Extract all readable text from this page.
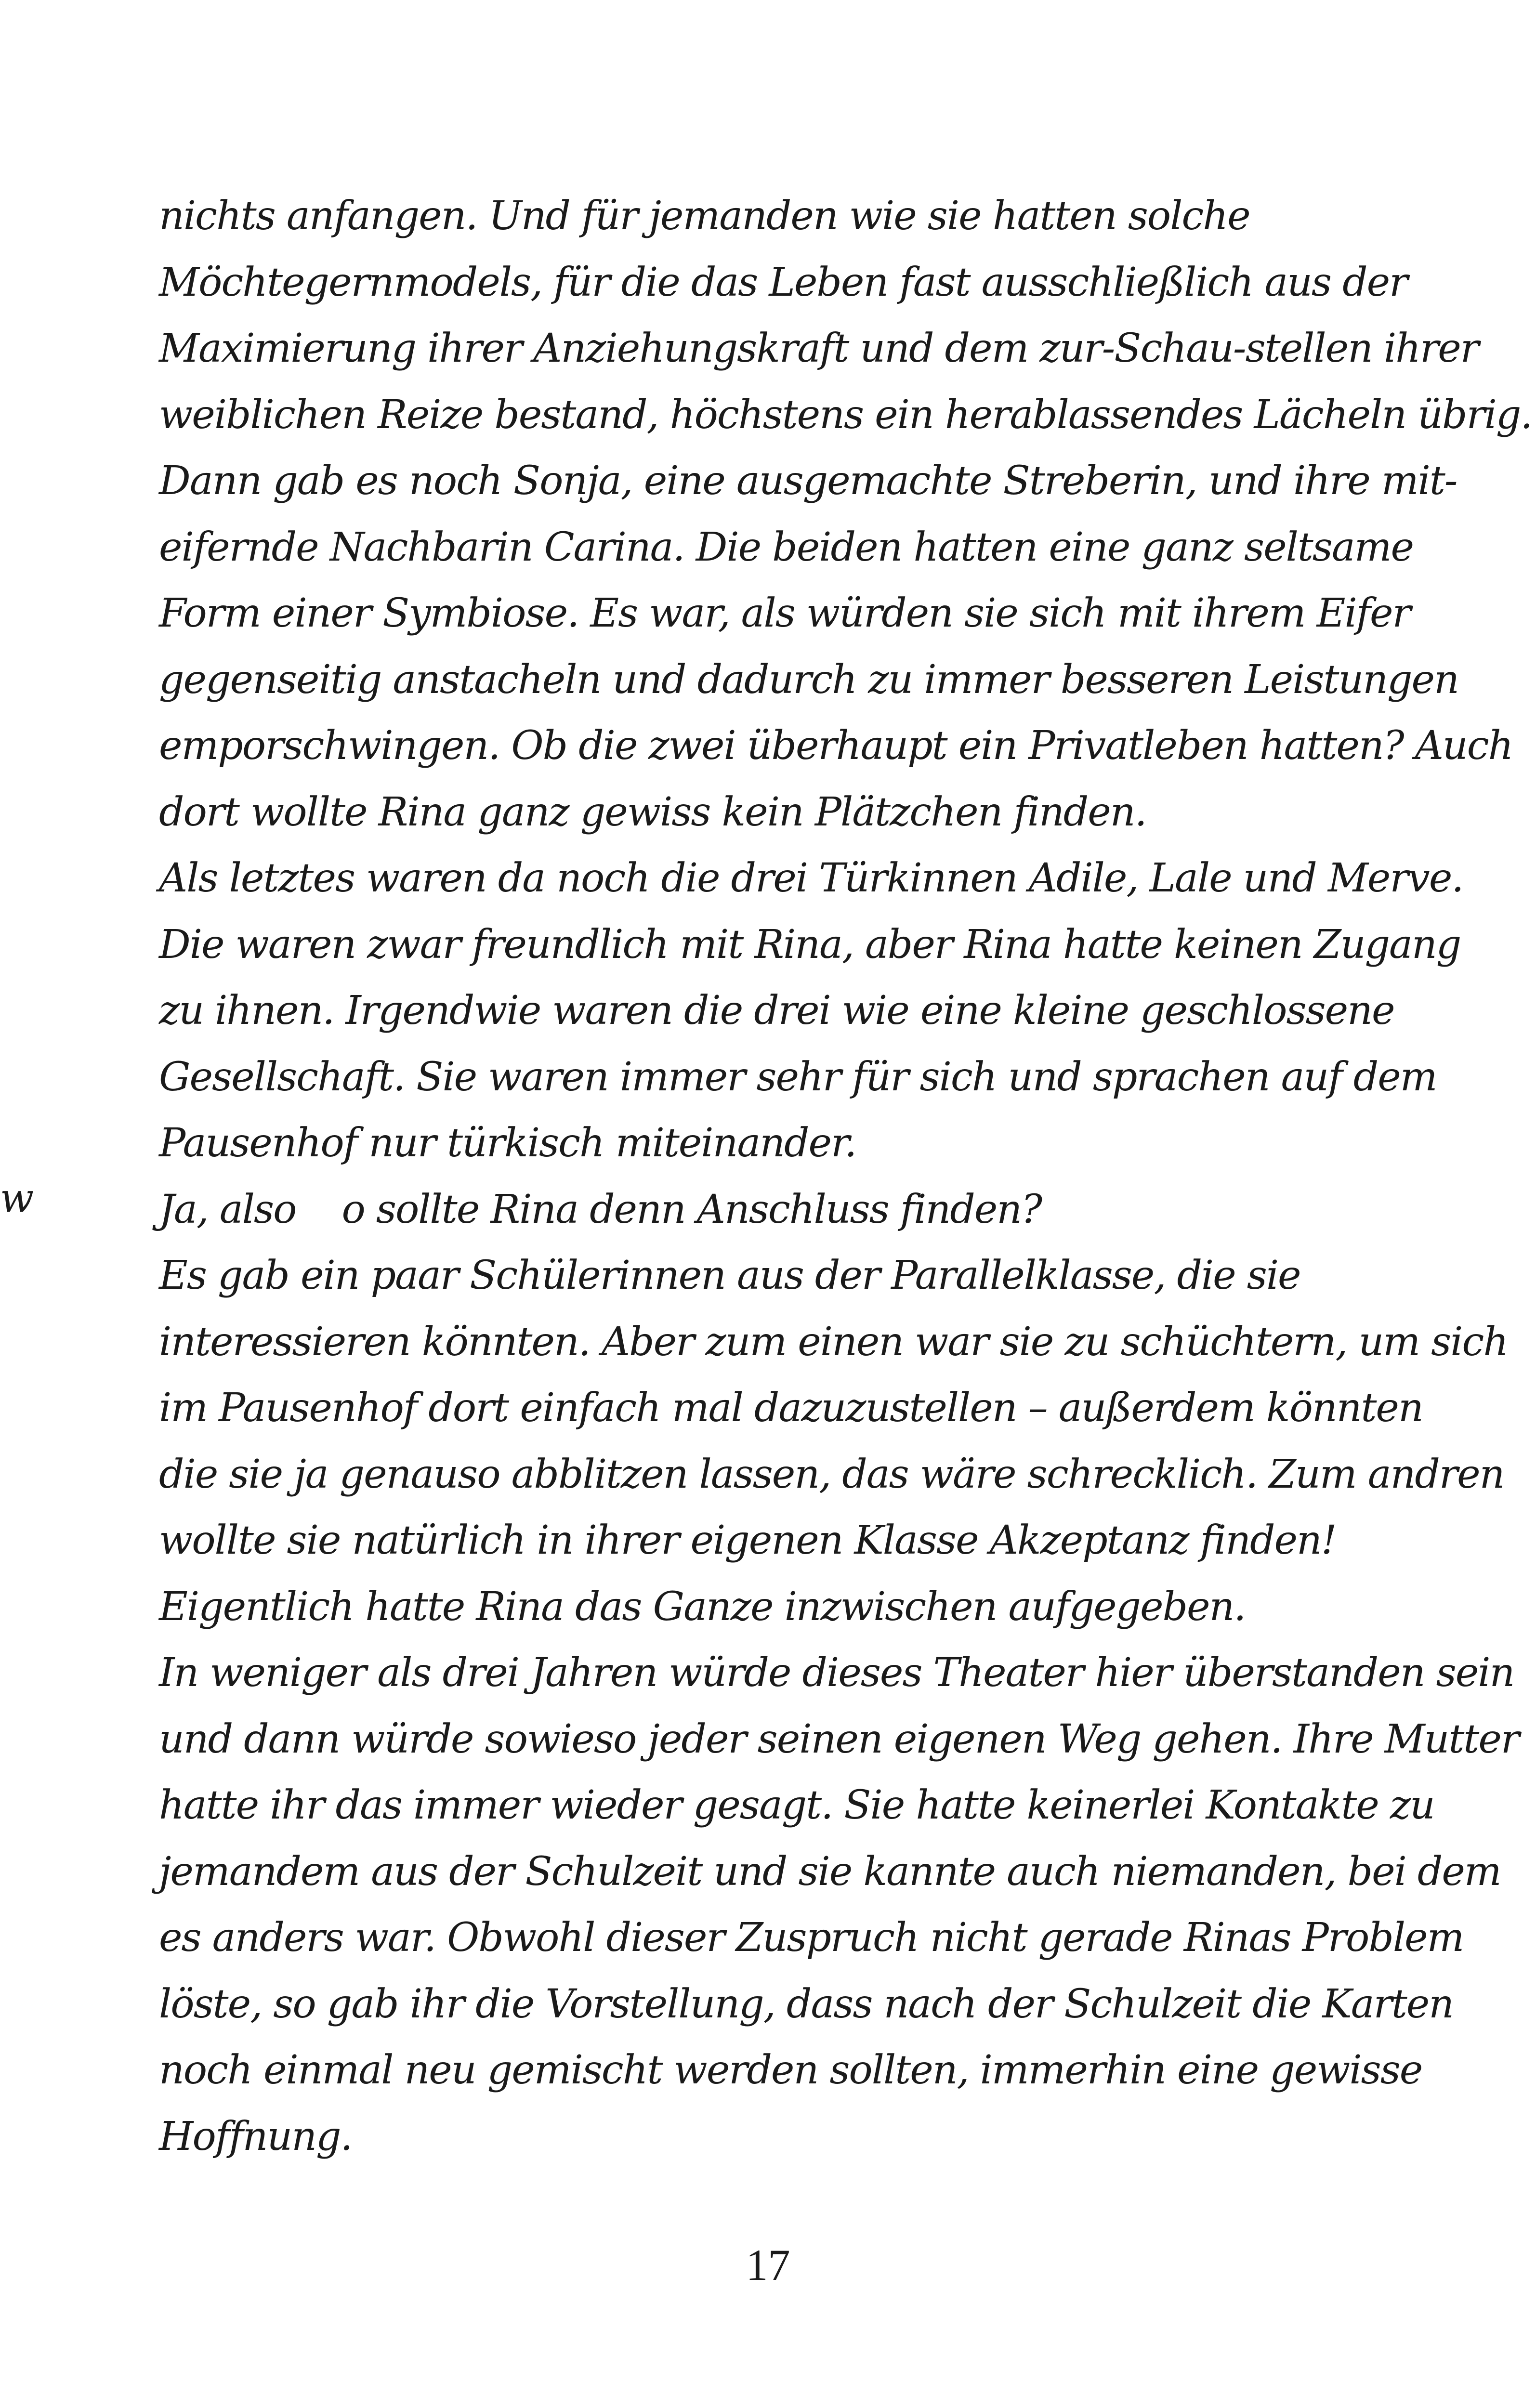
w
nichts anfangen. Und für jemanden wie sie hatten solche
Möchtegernmodels, für die das Leben fast ausschließlich aus der
Maximierung ihrer Anziehungskraft und dem zur-Schau-stellen ihrer
weiblichen Reize bestand, höchstens ein herablassendes Lächeln übrig.
Dann gab es noch Sonja, eine ausgemachte Streberin, und ihre mit-
eifernde Nachbarin Carina. Die beiden hatten eine ganz seltsame
Form einer Symbiose. Es war, als würden sie sich mit ihrem Eifer
gegenseitig anstacheln und dadurch zu immer besseren Leistungen
emporschwingen. Ob die zwei überhaupt ein Privatleben hatten? Auch
dort wollte Rina ganz gewiss kein Plätzchen finden.
Als letztes waren da noch die drei Türkinnen Adile, Lale und Merve.
Die waren zwar freundlich mit Rina, aber Rina hatte keinen Zugang
zu ihnen. Irgendwie waren die drei wie eine kleine geschlossene
Gesellschaft. Sie waren immer sehr für sich und sprachen auf dem
Pausenhof nur türkisch miteinander.
Ja, also o sollte Rina denn Anschluss finden?
Es gab ein paar Schülerinnen aus der Parallelklasse, die sie
interessieren könnten. Aber zum einen war sie zu schüchtern, um sich
im Pausenhof dort einfach mal dazuzustellen – außerdem könnten
die sie ja genauso abblitzen lassen, das wäre schrecklich. Zum andren
wollte sie natürlich in ihrer eigenen Klasse Akzeptanz finden!
Eigentlich hatte Rina das Ganze inzwischen aufgegeben.
In weniger als drei Jahren würde dieses Theater hier überstanden sein
und dann würde sowieso jeder seinen eigenen Weg gehen. Ihre Mutter
hatte ihr das immer wieder gesagt. Sie hatte keinerlei Kontakte zu
jemandem aus der Schulzeit und sie kannte auch niemanden, bei dem
es anders war. Obwohl dieser Zuspruch nicht gerade Rinas Problem
löste, so gab ihr die Vorstellung, dass nach der Schulzeit die Karten
noch einmal neu gemischt werden sollten, immerhin eine gewisse
Hoffnung.
17
